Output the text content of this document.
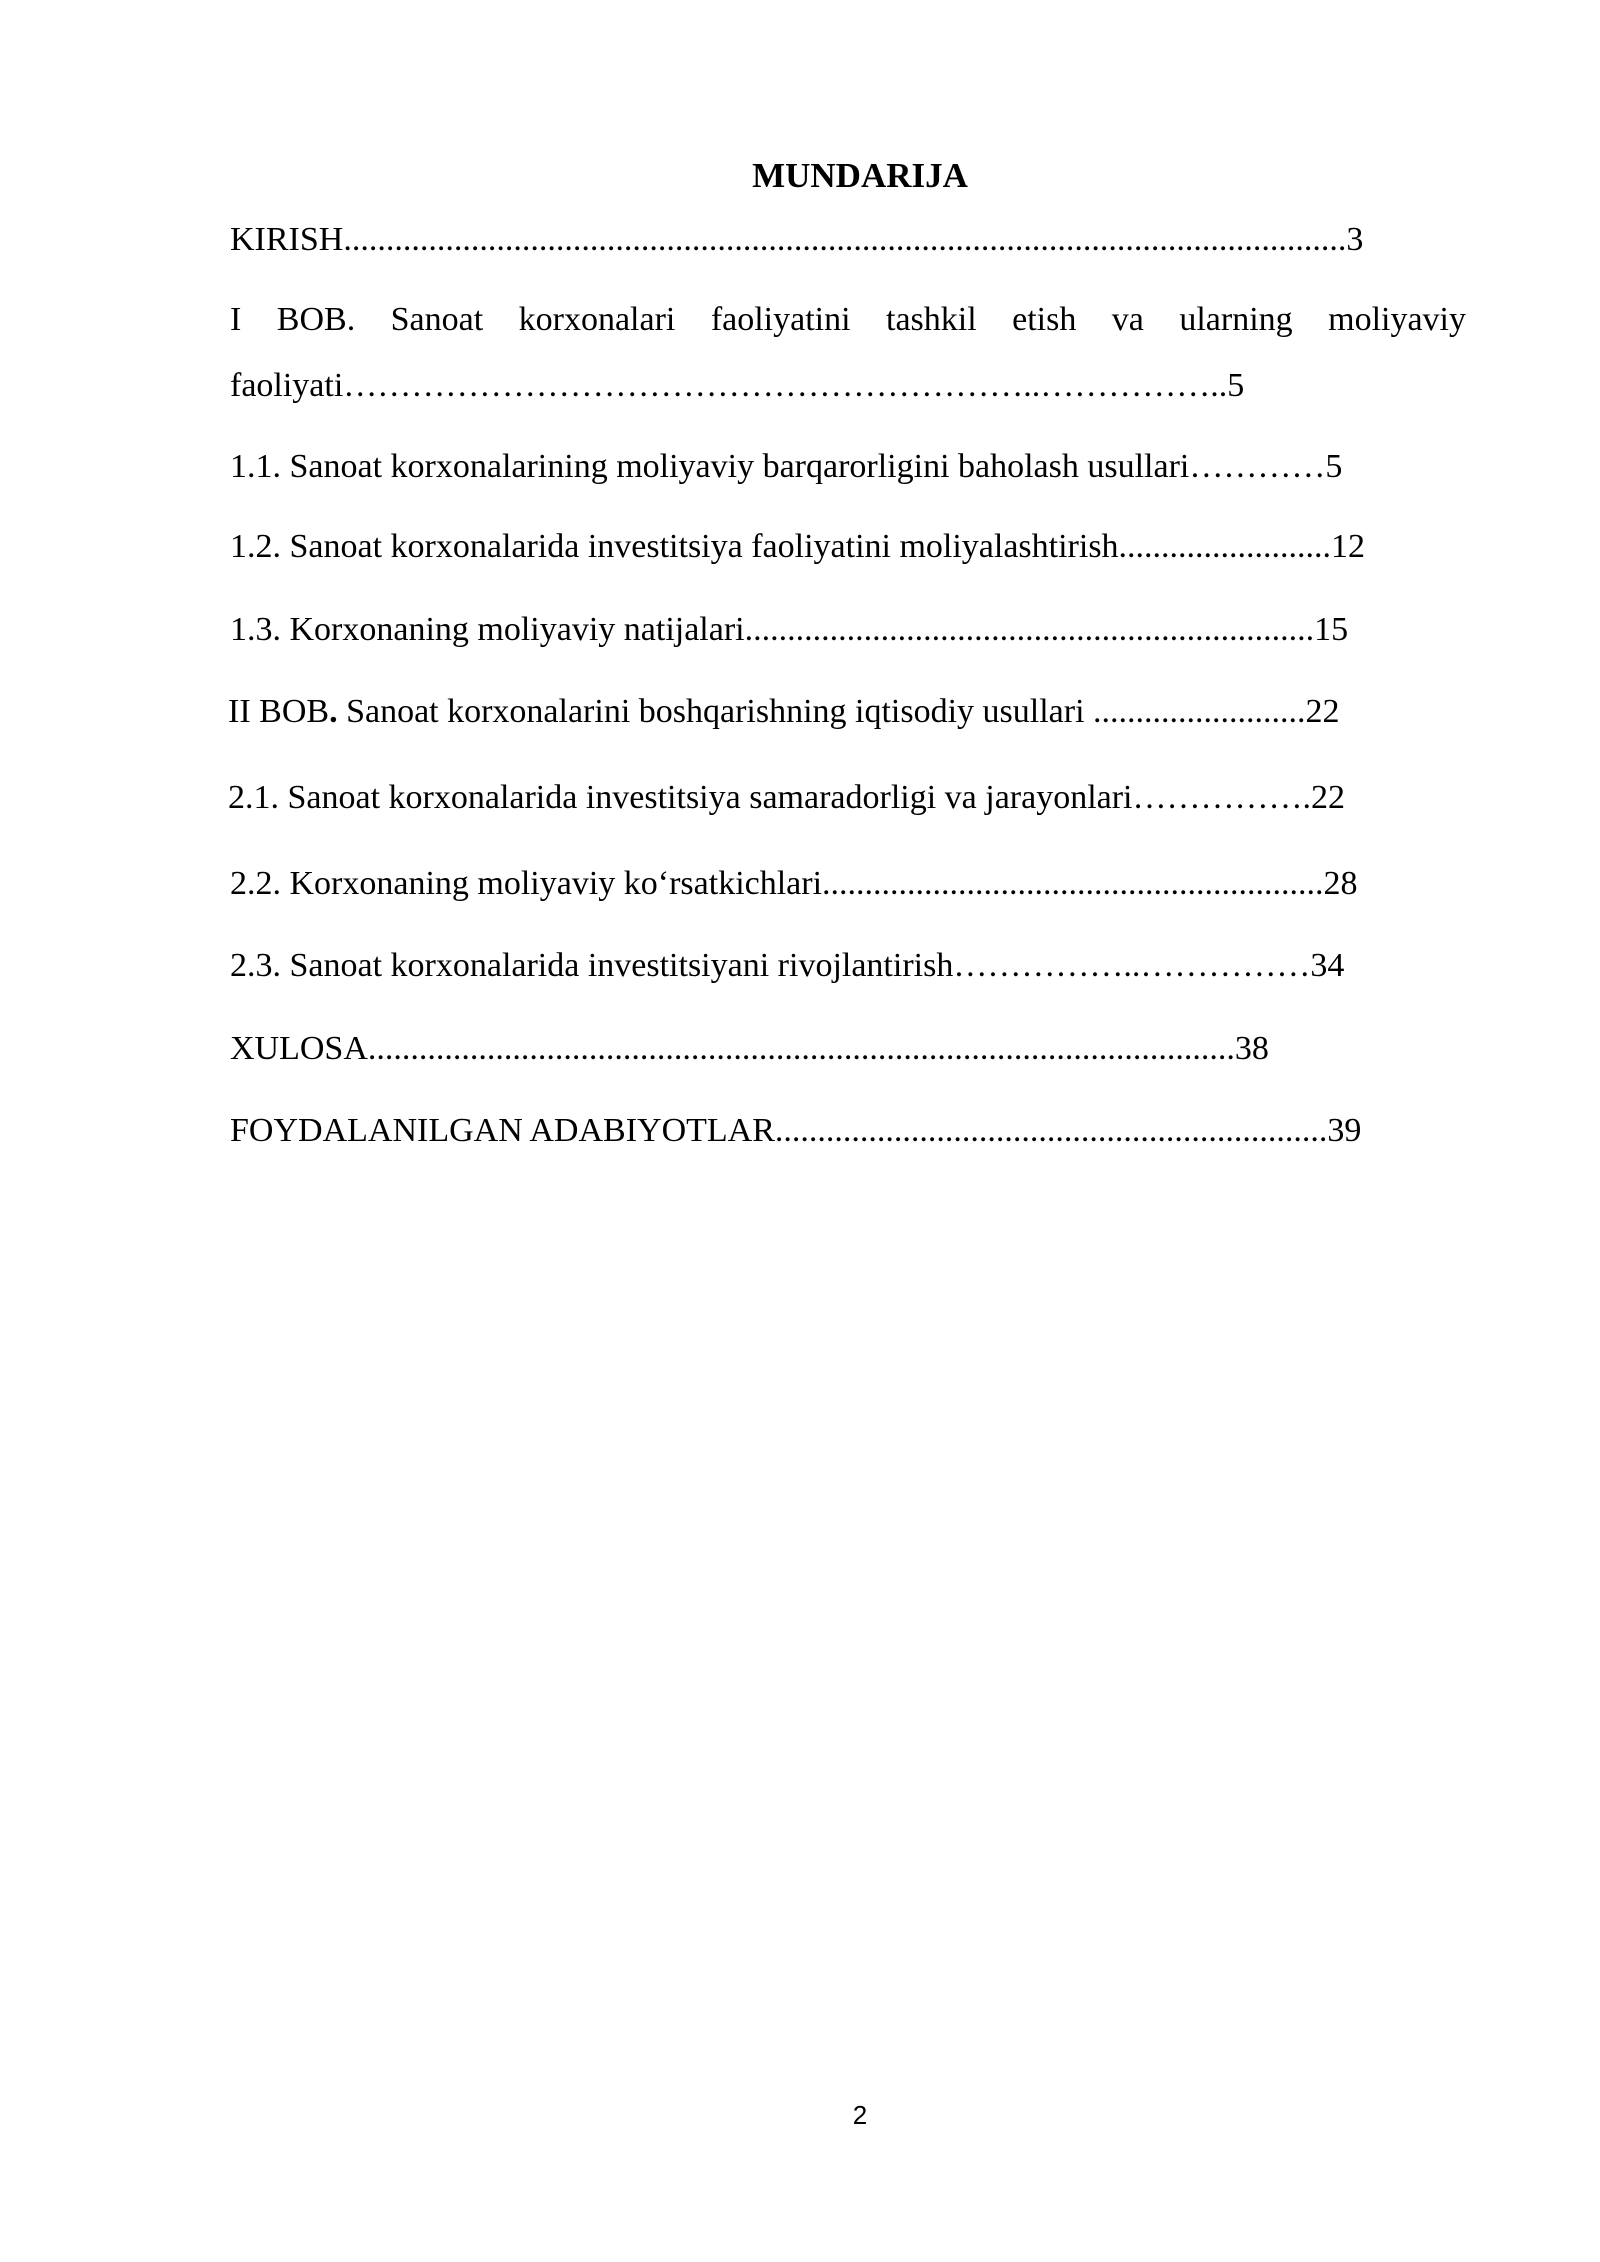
MUNDARIJA
KIRISH......................................................................................................................3
I BOB. Sanoat korxonalari faoliyatini tashkil etish va ularning moliyaviy
faoliyati……………………………………………………..……………..5
1.1. Sanoat korxonalarining moliyaviy barqarorligini baholash usullari…………5
1.2. Sanoat korxonalarida investitsiya faoliyatini moliyalashtirish.........................12
1.3. Korxonaning moliyaviy natijalari...................................................................15
II BOB. Sanoat korxonalarini boshqarishning iqtisodiy usullari .........................22
2.1. Sanoat korxonalarida investitsiya samaradorligi va jarayonlari…………….22
2.2. Korxonaning moliyaviy ko‘rsatkichlari...........................................................28
2.3. Sanoat korxonalarida investitsiyani rivojlantirish……………..……………34
XULOSA......................................................................................................38
FOYDALANILGAN ADABIYOTLAR.................................................................39
2
